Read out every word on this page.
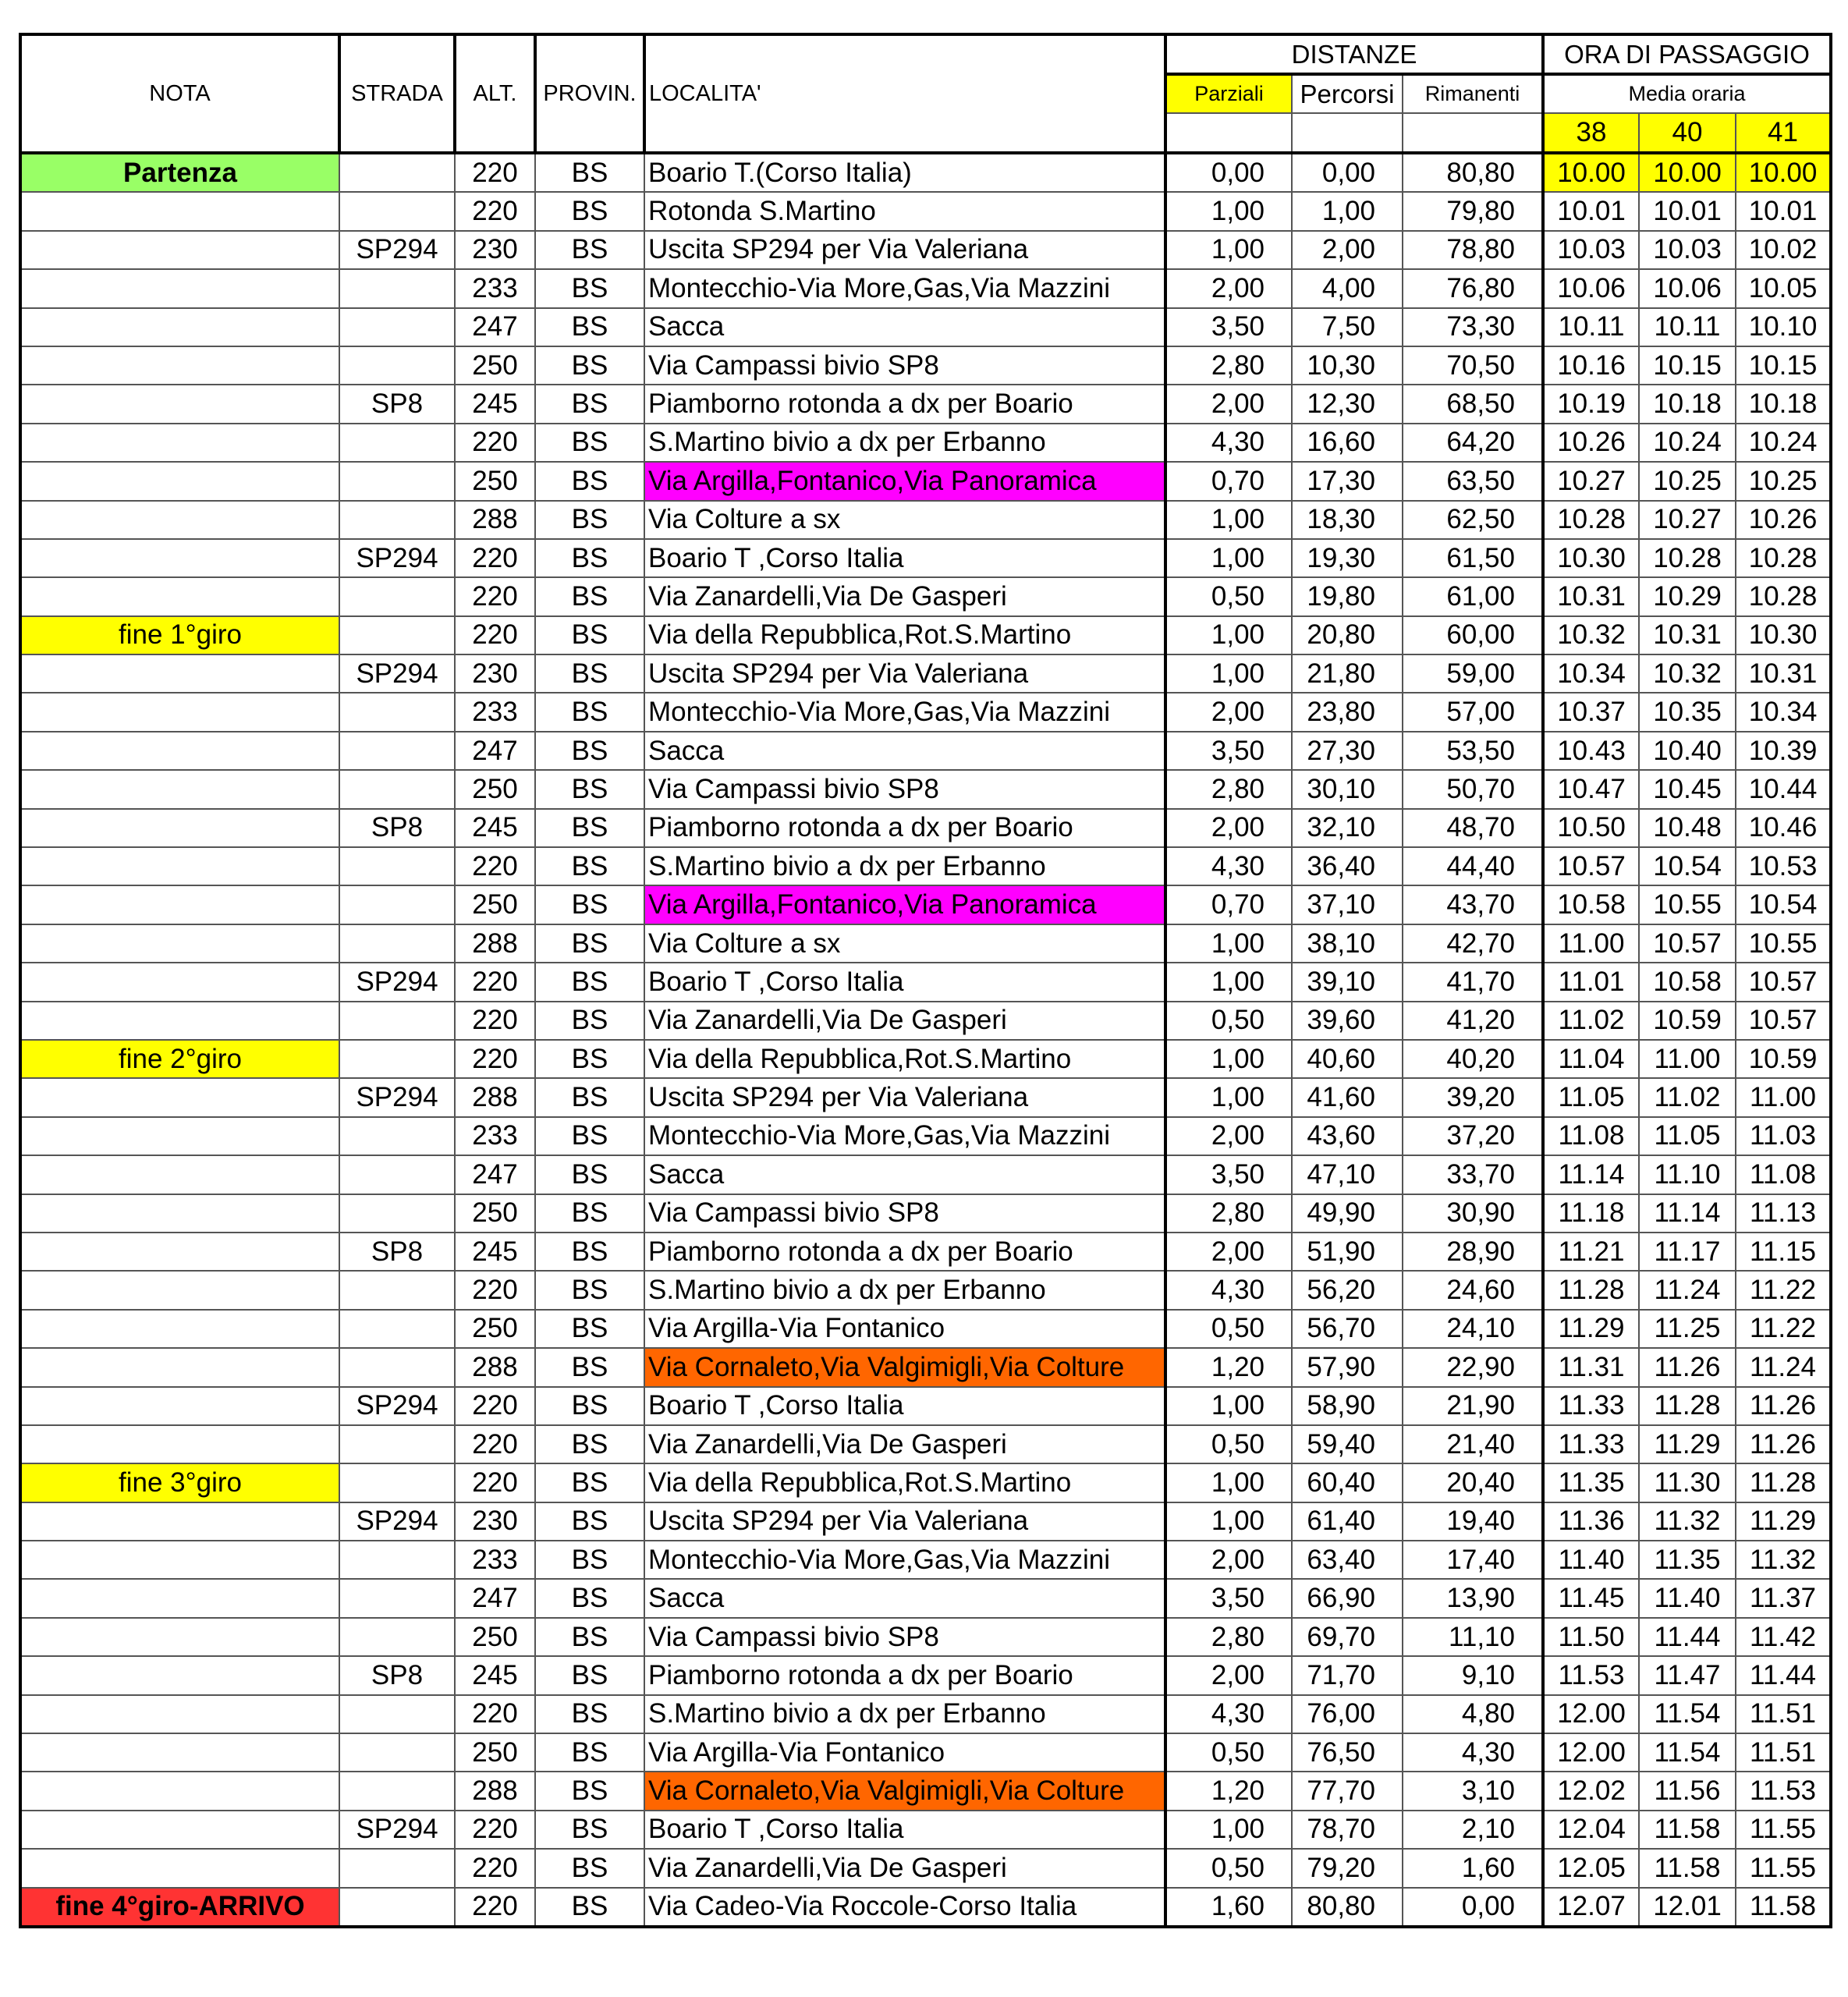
NOTA	STRADA	ALT.	PROVIN.	LOCALITA'	DISTANZE			ORA DI PASSAGGIO		
					Parziali	Percorsi	Rimanenti	Media oraria		
								38	40	41
Partenza		220	BS	Boario T.(Corso Italia)	0,00	0,00	80,80	10.00	10.00	10.00
		220	BS	Rotonda S.Martino	1,00	1,00	79,80	10.01	10.01	10.01
	SP294	230	BS	Uscita SP294 per Via Valeriana	1,00	2,00	78,80	10.03	10.03	10.02
		233	BS	Montecchio-Via More,Gas,Via Mazzini	2,00	4,00	76,80	10.06	10.06	10.05
		247	BS	Sacca	3,50	7,50	73,30	10.11	10.11	10.10
		250	BS	Via Campassi bivio SP8	2,80	10,30	70,50	10.16	10.15	10.15
	SP8	245	BS	Piamborno rotonda a dx per Boario	2,00	12,30	68,50	10.19	10.18	10.18
		220	BS	S.Martino bivio a dx per Erbanno	4,30	16,60	64,20	10.26	10.24	10.24
		250	BS	Via Argilla,Fontanico,Via Panoramica	0,70	17,30	63,50	10.27	10.25	10.25
		288	BS	Via Colture a sx	1,00	18,30	62,50	10.28	10.27	10.26
	SP294	220	BS	Boario T ,Corso Italia	1,00	19,30	61,50	10.30	10.28	10.28
		220	BS	Via Zanardelli,Via De Gasperi	0,50	19,80	61,00	10.31	10.29	10.28
fine 1°giro		220	BS	Via della Repubblica,Rot.S.Martino	1,00	20,80	60,00	10.32	10.31	10.30
	SP294	230	BS	Uscita SP294 per Via Valeriana	1,00	21,80	59,00	10.34	10.32	10.31
		233	BS	Montecchio-Via More,Gas,Via Mazzini	2,00	23,80	57,00	10.37	10.35	10.34
		247	BS	Sacca	3,50	27,30	53,50	10.43	10.40	10.39
		250	BS	Via Campassi bivio SP8	2,80	30,10	50,70	10.47	10.45	10.44
	SP8	245	BS	Piamborno rotonda a dx per Boario	2,00	32,10	48,70	10.50	10.48	10.46
		220	BS	S.Martino bivio a dx per Erbanno	4,30	36,40	44,40	10.57	10.54	10.53
		250	BS	Via Argilla,Fontanico,Via Panoramica	0,70	37,10	43,70	10.58	10.55	10.54
		288	BS	Via Colture a sx	1,00	38,10	42,70	11.00	10.57	10.55
	SP294	220	BS	Boario T ,Corso Italia	1,00	39,10	41,70	11.01	10.58	10.57
		220	BS	Via Zanardelli,Via De Gasperi	0,50	39,60	41,20	11.02	10.59	10.57
fine 2°giro		220	BS	Via della Repubblica,Rot.S.Martino	1,00	40,60	40,20	11.04	11.00	10.59
	SP294	288	BS	Uscita SP294 per Via Valeriana	1,00	41,60	39,20	11.05	11.02	11.00
		233	BS	Montecchio-Via More,Gas,Via Mazzini	2,00	43,60	37,20	11.08	11.05	11.03
		247	BS	Sacca	3,50	47,10	33,70	11.14	11.10	11.08
		250	BS	Via Campassi bivio SP8	2,80	49,90	30,90	11.18	11.14	11.13
	SP8	245	BS	Piamborno rotonda a dx per Boario	2,00	51,90	28,90	11.21	11.17	11.15
		220	BS	S.Martino bivio a dx per Erbanno	4,30	56,20	24,60	11.28	11.24	11.22
		250	BS	Via Argilla-Via Fontanico	0,50	56,70	24,10	11.29	11.25	11.22
		288	BS	Via Cornaleto,Via Valgimigli,Via Colture	1,20	57,90	22,90	11.31	11.26	11.24
	SP294	220	BS	Boario T ,Corso Italia	1,00	58,90	21,90	11.33	11.28	11.26
		220	BS	Via Zanardelli,Via De Gasperi	0,50	59,40	21,40	11.33	11.29	11.26
fine 3°giro		220	BS	Via della Repubblica,Rot.S.Martino	1,00	60,40	20,40	11.35	11.30	11.28
	SP294	230	BS	Uscita SP294 per Via Valeriana	1,00	61,40	19,40	11.36	11.32	11.29
		233	BS	Montecchio-Via More,Gas,Via Mazzini	2,00	63,40	17,40	11.40	11.35	11.32
		247	BS	Sacca	3,50	66,90	13,90	11.45	11.40	11.37
		250	BS	Via Campassi bivio SP8	2,80	69,70	11,10	11.50	11.44	11.42
	SP8	245	BS	Piamborno rotonda a dx per Boario	2,00	71,70	9,10	11.53	11.47	11.44
		220	BS	S.Martino bivio a dx per Erbanno	4,30	76,00	4,80	12.00	11.54	11.51
		250	BS	Via Argilla-Via Fontanico	0,50	76,50	4,30	12.00	11.54	11.51
		288	BS	Via Cornaleto,Via Valgimigli,Via Colture	1,20	77,70	3,10	12.02	11.56	11.53
	SP294	220	BS	Boario T ,Corso Italia	1,00	78,70	2,10	12.04	11.58	11.55
		220	BS	Via Zanardelli,Via De Gasperi	0,50	79,20	1,60	12.05	11.58	11.55
fine 4°giro-ARRIVO		220	BS	Via Cadeo-Via Roccole-Corso Italia	1,60	80,80	0,00	12.07	12.01	11.58
